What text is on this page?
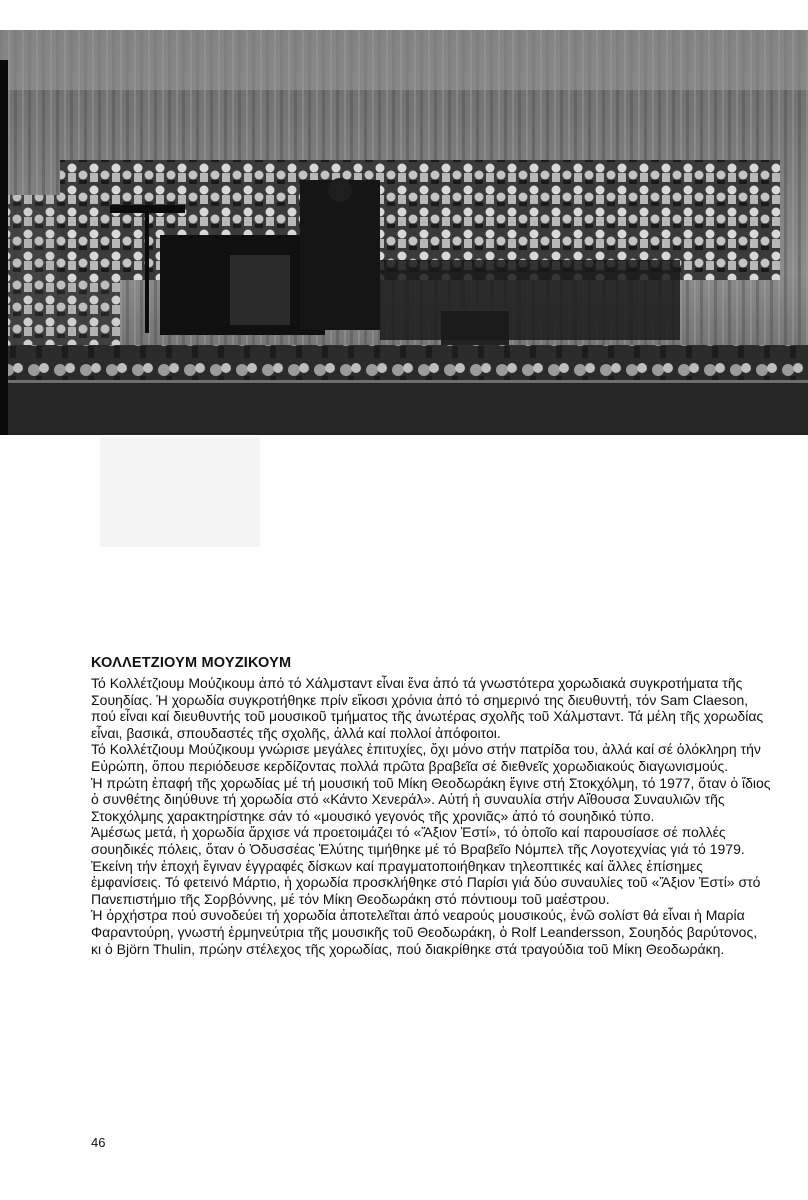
ΚΟΛΛΕΤΖΙΟΥΜ ΜΟΥΖΙΚΟΥΜ

Τό Κολλέτζιουμ Μούζικουμ ἀπό τό Χάλμσταντ εἶναι ἕνα ἀπό τά γνωστότερα χορωδιακά συγκροτήματα τῆς Σουηδίας. Ἡ χορωδία συγκροτήθηκε πρίν εἴκοσι χρόνια ἀπό τό σημερινό της διευθυντή, τόν Sam Claeson, πού εἶναι καί διευθυντής τοῦ μουσικοῦ τμήματος τῆς ἀνωτέρας σχολῆς τοῦ Χάλμσταντ. Τά μέλη τῆς χορωδίας εἶναι, βασικά, σπουδαστές τῆς σχολῆς, ἀλλά καί πολλοί ἀπόφοιτοι.

Τό Κολλέτζιουμ Μούζικουμ γνώρισε μεγάλες ἐπιτυχίες, ὄχι μόνο στήν πατρίδα του, ἀλλά καί σέ ὁλόκληρη τήν Εὐρώπη, ὅπου περιόδευσε κερδίζοντας πολλά πρῶτα βραβεῖα σέ διεθνεῖς χορωδιακούς διαγωνισμούς.

Ἡ πρώτη ἐπαφή τῆς χορωδίας μέ τή μουσική τοῦ Μίκη Θεοδωράκη ἔγινε στή Στοκχόλμη, τό 1977, ὅταν ὁ ἴδιος ὁ συνθέτης διηύθυνε τή χορωδία στό «Κάντο Χενεράλ». Αὐτή ἡ συναυλία στήν Αἴθουσα Συναυλιῶν τῆς Στοκχόλμης χαρακτηρίστηκε σάν τό «μουσικό γεγονός τῆς χρονιᾶς» ἀπό τό σουηδικό τύπο.

Ἀμέσως μετά, ἡ χορωδία ἄρχισε νά προετοιμάζει τό «Ἄξιον Ἐστί», τό ὁποῖο καί παρουσίασε σέ πολλές σουηδικές πόλεις, ὅταν ὁ Ὀδυσσέας Ἐλύτης τιμήθηκε μέ τό Βραβεῖο Νόμπελ τῆς Λογοτεχνίας γιά τό 1979. Ἐκείνη τήν ἐποχή ἔγιναν ἐγγραφές δίσκων καί πραγματοποιήθηκαν τηλεοπτικές καί ἄλλες ἐπίσημες ἐμφανίσεις. Τό φετεινό Μάρτιο, ἡ χορωδία προσκλήθηκε στό Παρίσι γιά δύο συναυλίες τοῦ «Ἄξιον Ἐστί» στό Πανεπιστήμιο τῆς Σορβόννης, μέ τόν Μίκη Θεοδωράκη στό πόντιουμ τοῦ μαέστρου.

Ἡ ὀρχήστρα πού συνοδεύει τή χορωδία ἀποτελεῖται ἀπό νεαρούς μουσικούς, ἐνῶ σολίστ θά εἶναι ἡ Μαρία Φαραντούρη, γνωστή ἑρμηνεύτρια τῆς μουσικῆς τοῦ Θεοδωράκη, ὁ Rolf Leandersson, Σουηδός βαρύτονος, κι ὁ Björn Thulin, πρώην στέλεχος τῆς χορωδίας, πού διακρίθηκε στά τραγούδια τοῦ Μίκη Θεοδωράκη.

46
